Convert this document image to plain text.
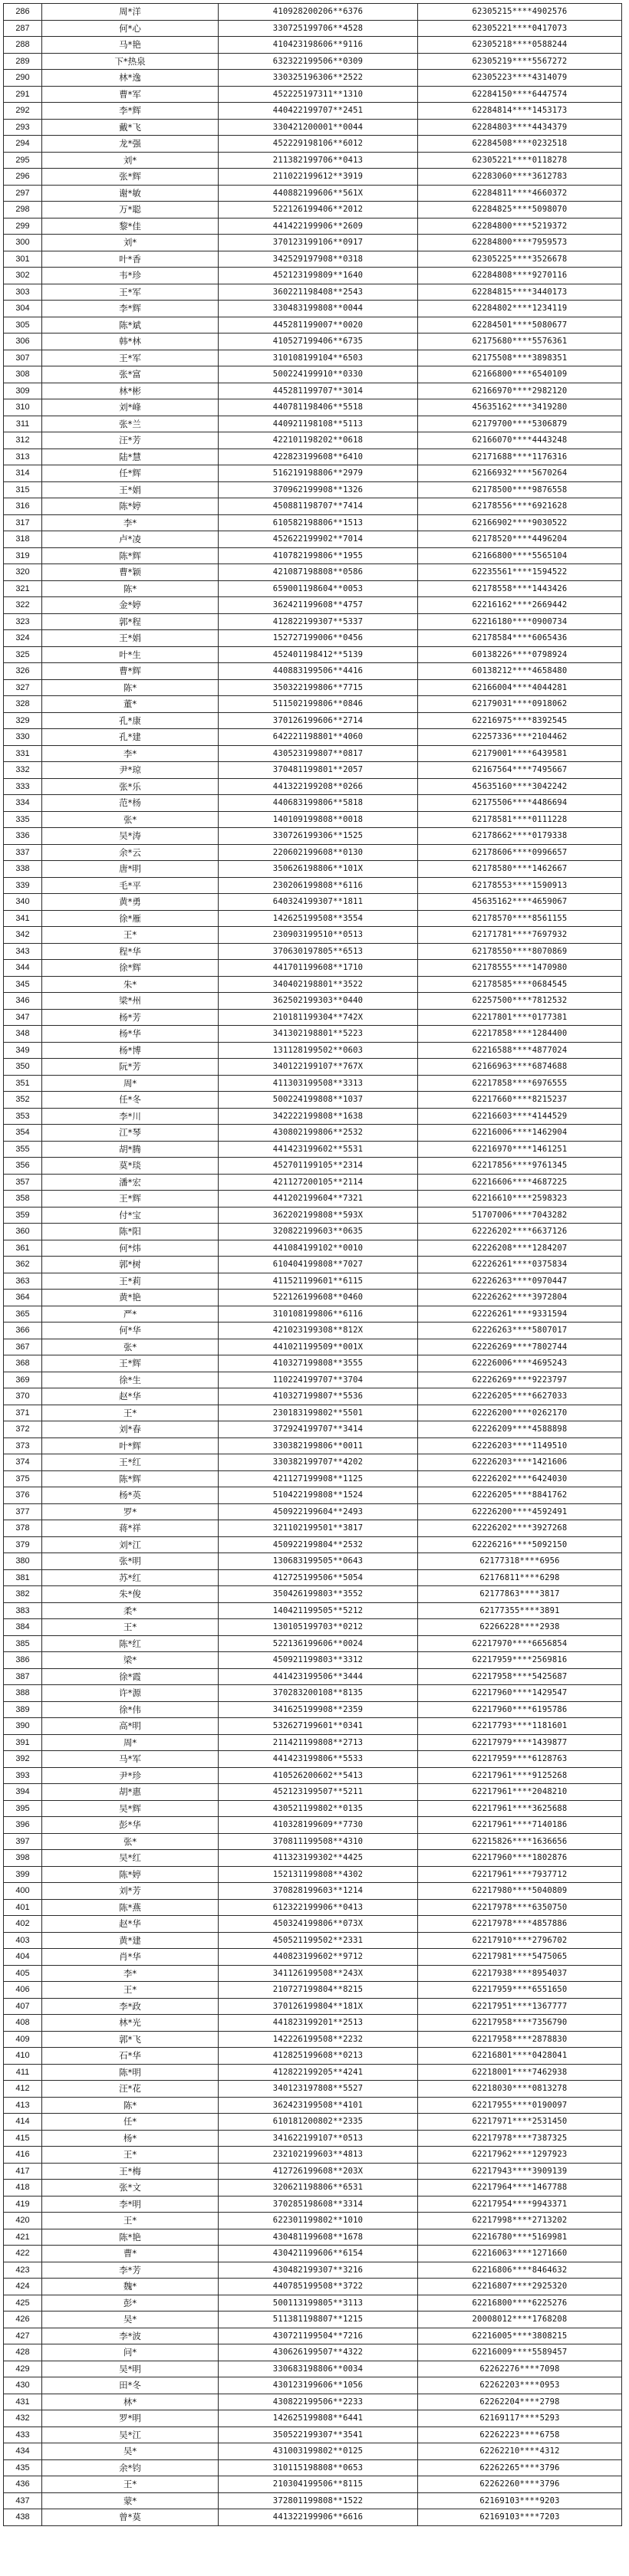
286	周*洋	410928200206**6376	62305215****4902576
287	何*心	330725199706**4528	62305221****0417073
288	马*艳	410423198606**9116	62305218****0588244
289	下*热泉	632322199506**0309	62305219****5567272
290	林*逸	330325196306**2522	62305223****4314079
291	曹*军	452225197311**1310	62284150****6447574
292	李*辉	440422199707**2451	62284814****1453173
293	戴*飞	330421200001**0044	62284803****4434379
294	龙*强	452229198106**6012	62284508****0232518
295	刘*	211382199706**0413	62305221****0118278
296	张*辉	211022199612**3919	62283060****3612783
297	谢*敏	440882199606**561X	62284811****4660372
298	万*聪	522126199406**2012	62284825****5098070
299	黎*佳	441422199906**2609	62284800****5219372
300	刘*	370123199106**0917	62284800****7959573
301	叶*香	342529197908**0318	62305225****3526678
302	韦*珍	452123199809**1640	62284808****9270116
303	王*军	360221198408**2543	62284815****3440173
304	李*辉	330483199808**0044	62284802****1234119
305	陈*斌	445281199007**0020	62284501****5080677
306	韩*林	410527199406**6735	62175680****5576361
307	王*军	310108199104**6503	62175508****3898351
308	张*富	500224199910**0330	62166800****6540109
309	林*彬	445281199707**3014	62166970****2982120
310	刘*峰	440781198406**5518	45635162****3419280
311	张*兰	440921198108**5113	62179700****5306879
312	汪*芳	422101198202**0618	62166070****4443248
313	陆*慧	422823199608**6410	62171688****1176316
314	任*辉	516219198806**2979	62166932****5670264
315	王*娟	370962199908**1326	62178500****9876558
316	陈*婷	450881198707**7414	62178556****6921628
317	李*	610582198806**1513	62166902****9030522
318	卢*凌	452622199902**7014	62178520****4496204
319	陈*辉	410782199806**1955	62166800****5565104
320	曹*颖	421087198808**0586	62235561****1594522
321	陈*	659001198604**0053	62178558****1443426
322	金*婷	362421199608**4757	62216162****2669442
323	郭*程	412822199307**5337	62216180****0900734
324	王*娟	152727199006**0456	62178584****6065436
325	叶*生	452401198412**5139	60138226****0798924
326	曹*辉	440883199506**4416	60138212****4658480
327	陈*	350322199806**7715	62166004****4044281
328	董*	511502199806**0846	62179031****0918062
329	孔*康	370126199606**2714	62216975****8392545
330	孔*建	642221198801**4060	62257336****2104462
331	李*	430523199807**0817	62179001****6439581
332	尹*琼	370481199801**2057	62167564****7495667
333	张*乐	441322199208**0266	45635160****3042242
334	范*杨	440683199806**5818	62175506****4486694
335	张*	140109199808**0018	62178581****0111228
336	吴*涛	330726199306**1525	62178662****0179338
337	余*云	220602199608**0130	62178606****0996657
338	唐*明	350626198806**101X	62178580****1462667
339	毛*平	230206199808**6116	62178553****1590913
340	黄*勇	640324199307**1811	45635162****4659067
341	徐*雁	142625199508**3554	62178570****8561155
342	王*	230903199510**0513	62171781****7697932
343	程*华	370630197805**6513	62178550****8070869
344	徐*辉	441701199608**1710	62178555****1470980
345	朱*	340402198801**3522	62178585****0684545
346	梁*州	362502199303**0440	62257500****7812532
347	杨*芳	210181199304**742X	62217801****0177381
348	杨*华	341302198801**5223	62217858****1284400
349	杨*博	131128199502**0603	62216588****4877024
350	阮*芳	340122199107**767X	62166963****6874688
351	周*	411303199508**3313	62217858****6976555
352	任*冬	500224199808**1037	62217660****8215237
353	李*川	342222199808**1638	62216603****4144529
354	江*琴	430802199806**2532	62216006****1462904
355	胡*腾	441423199602**5531	62216970****1461251
356	莫*琰	452701199105**2314	62217856****9761345
357	潘*宏	421127200105**2114	62216606****4687225
358	王*辉	441202199604**7321	62216610****2598323
359	付*宝	362202199808**593X	51707006****7043282
360	陈*阳	320822199603**0635	62226202****6637126
361	何*炜	441084199102**0010	62226208****1284207
362	郭*树	610404199808**7027	62226261****0375834
363	王*莉	411521199601**6115	62226263****0970447
364	黄*艳	522126199608**0460	62226262****3972804
365	严*	310108199806**6116	62226261****9331594
366	何*华	421023199308**812X	62226263****5807017
367	张*	441021199509**001X	62226269****7802744
368	王*辉	410327199808**3555	62226006****4695243
369	徐*生	110224199707**3704	62226269****9223797
370	赵*华	410327199807**5536	62226205****6627033
371	王*	230183199802**5501	62226200****0262170
372	刘*春	372924199707**3414	62226209****4588898
373	叶*辉	330382199806**0011	62226203****1149510
374	王*红	330382199707**4202	62226203****1421606
375	陈*辉	421127199908**1125	62226202****6424030
376	杨*英	510422199808**1524	62226205****8841762
377	罗*	450922199604**2493	62226200****4592491
378	蒋*祥	321102199501**3817	62226202****3927268
379	刘*江	450922199804**2532	62226216****5092150
380	张*明	130683199505**0643	62177318****6956
381	苏*红	412725199506**5054	62176811****6298
382	朱*俊	350426199803**3552	62177863****3817
383	柔*	140421199505**5212	62177355****3891
384	王*	130105199703**0212	62266228****2938
385	陈*红	522136199606**0024	62217970****6656854
386	梁*	450921199803**3312	62217959****2569816
387	徐*霞	441423199506**3444	62217958****5425687
388	许*源	370283200108**8135	62217960****1429547
389	徐*伟	341625199908**2359	62217960****6195786
390	高*明	532627199601**0341	62217793****1181601
391	周*	211421199808**2713	62217979****1439877
392	马*军	441423199806**5533	62217959****6128763
393	尹*珍	410526200602**5413	62217961****9125268
394	胡*惠	452123199507**5211	62217961****2048210
395	吴*辉	430521199802**0135	62217961****3625688
396	彭*华	410328199609**7730	62217961****7140186
397	张*	370811199508**4310	62215826****1636656
398	吴*红	411323199302**4425	62217960****1802876
399	陈*婷	152131199808**4302	62217961****7937712
400	刘*芳	370828199603**1214	62217980****5040809
401	陈*燕	612322199906**0413	62217978****6350750
402	赵*华	450324199806**073X	62217978****4857886
403	黄*建	450521199502**2331	62217910****2796702
404	肖*华	440823199602**9712	62217981****5475065
405	李*	341126199508**243X	62217938****8954037
406	王*	210727199804**8215	62217959****6551650
407	李*政	370126199804**181X	62217951****1367777
408	林*光	441823199201**2513	62217958****7356790
409	郭*飞	142226199508**2232	62217958****2878830
410	石*华	412825199608**0213	62216801****0428041
411	陈*明	412822199205**4241	62218001****7462938
412	汪*花	340123197808**5527	62218030****0813278
413	陈*	362423199508**4101	62217955****0190097
414	任*	610181200802**2335	62217971****2531450
415	杨*	341622199107**0513	62217978****7387325
416	王*	232102199603**4813	62217962****1297923
417	王*梅	412726199608**203X	62217943****3909139
418	张*文	320621198806**6531	62217964****1467788
419	李*明	370285198608**3314	62217954****9943371
420	王*	622301199802**1010	62217998****2713202
421	陈*艳	430481199608**1678	62216780****5169981
422	曹*	430421199606**6154	62216063****1271660
423	李*芳	430482199307**3216	62216806****8464632
424	魏*	440785199508**3722	62216807****2925320
425	彭*	500113199805**3113	62216800****6225276
426	吴*	511381198807**1215	20008012****1768208
427	李*波	430721199504**7216	62216005****3808215
428	问*	430626199507**4322	62216009****5589457
429	吴*明	330683198806**0034	62262276****7098
430	田*冬	430123199606**1056	62262203****0953
431	林*	430822199506**2233	62262204****2798
432	罗*明	142625199808**6441	62169117****5293
433	吴*江	350522199307**3541	62262223****6758
434	吴*	431003199802**0125	62262210****4312
435	余*钧	310115198808**0653	62262265****3796
436	王*	210304199506**8115	62262260****3796
437	蒙*	372801199808**1522	62169103****9203
438	曾*莫	441322199906**6616	62169103****7203
